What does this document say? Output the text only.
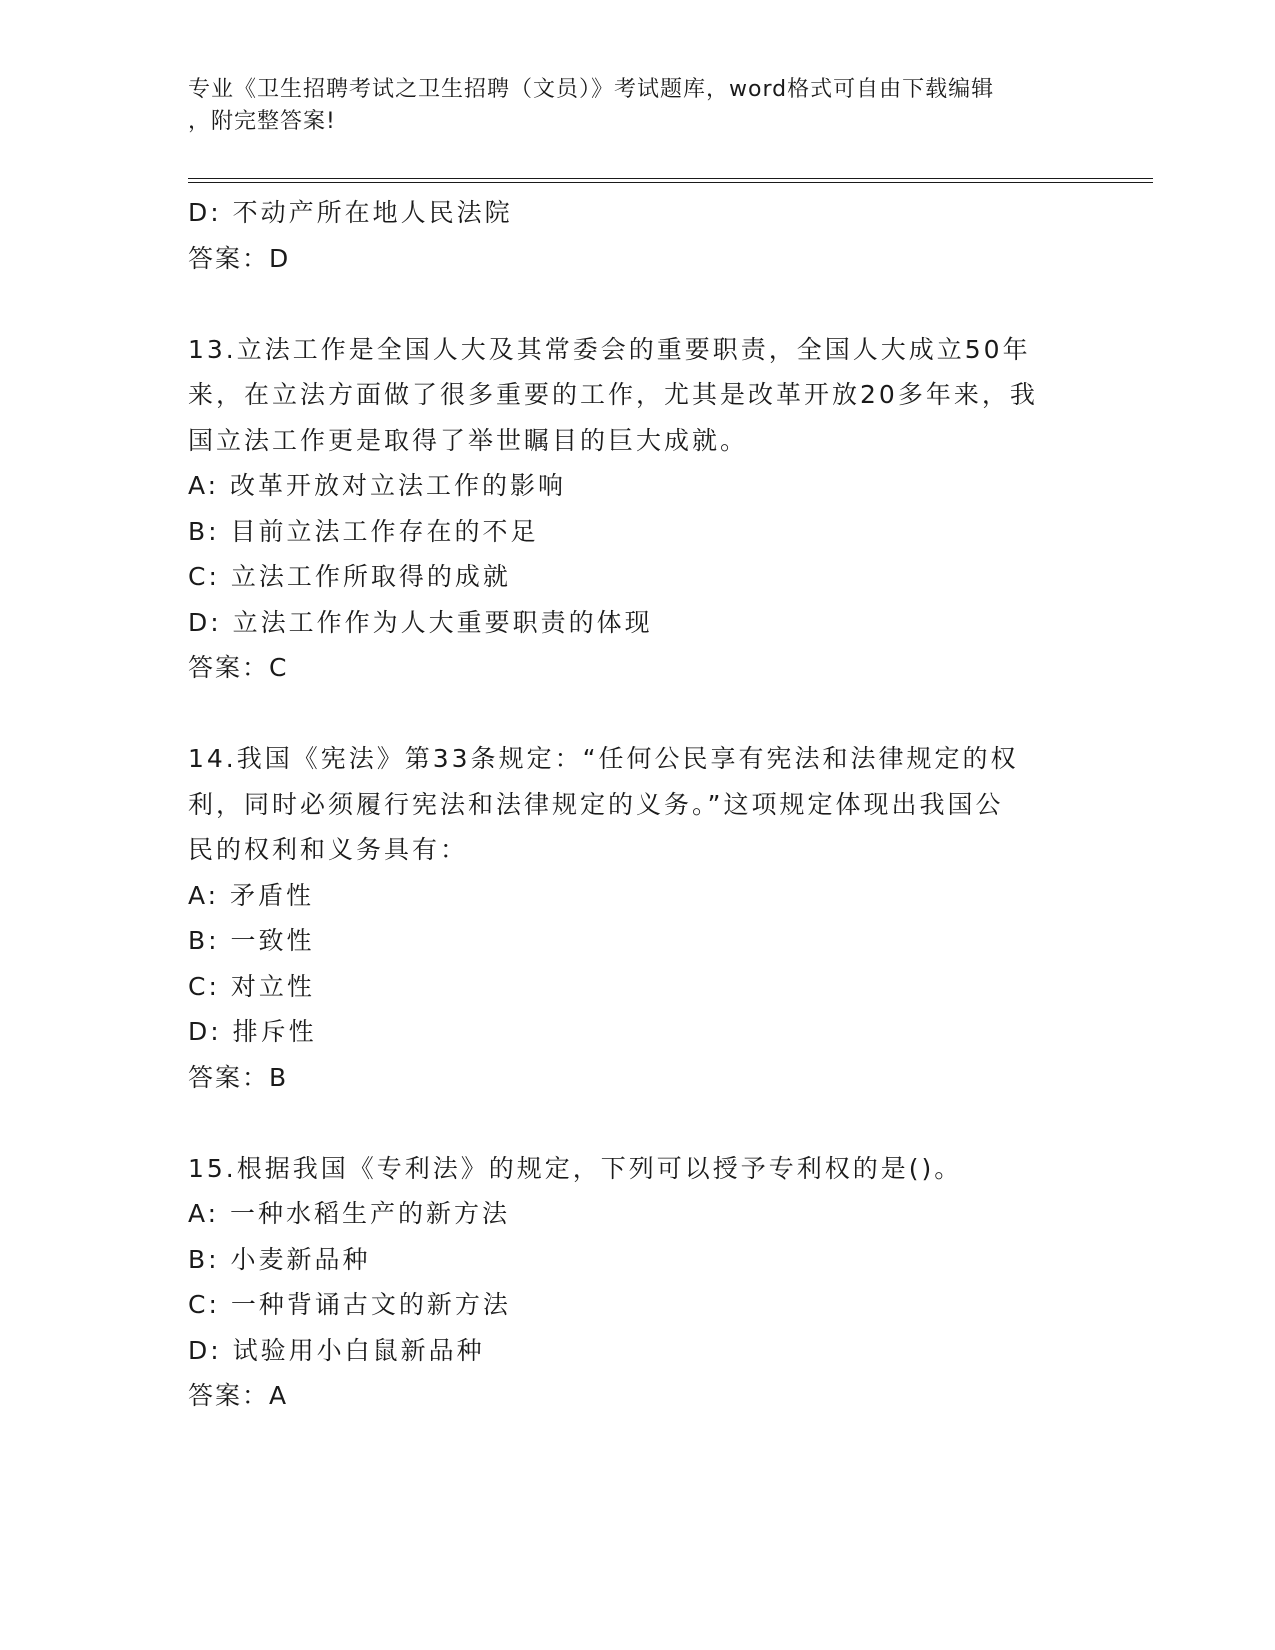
专业《卫生招聘考试之卫生招聘（文员）》考试题库，word格式可自由下载编辑
，附完整答案!
D: 不动产所在地人民法院
答案：D
13.立法工作是全国人大及其常委会的重要职责，全国人大成立50年
来，在立法方面做了很多重要的工作，尤其是改革开放20多年来，我
国立法工作更是取得了举世瞩目的巨大成就。
A: 改革开放对立法工作的影响
B: 目前立法工作存在的不足
C: 立法工作所取得的成就
D: 立法工作作为人大重要职责的体现
答案：C
14.我国《宪法》第33条规定：“任何公民享有宪法和法律规定的权
利，同时必须履行宪法和法律规定的义务。”这项规定体现出我国公
民的权利和义务具有：
A: 矛盾性
B: 一致性
C: 对立性
D: 排斥性
答案：B
15.根据我国《专利法》的规定，下列可以授予专利权的是()。
A: 一种水稻生产的新方法
B: 小麦新品种
C: 一种背诵古文的新方法
D: 试验用小白鼠新品种
答案：A
